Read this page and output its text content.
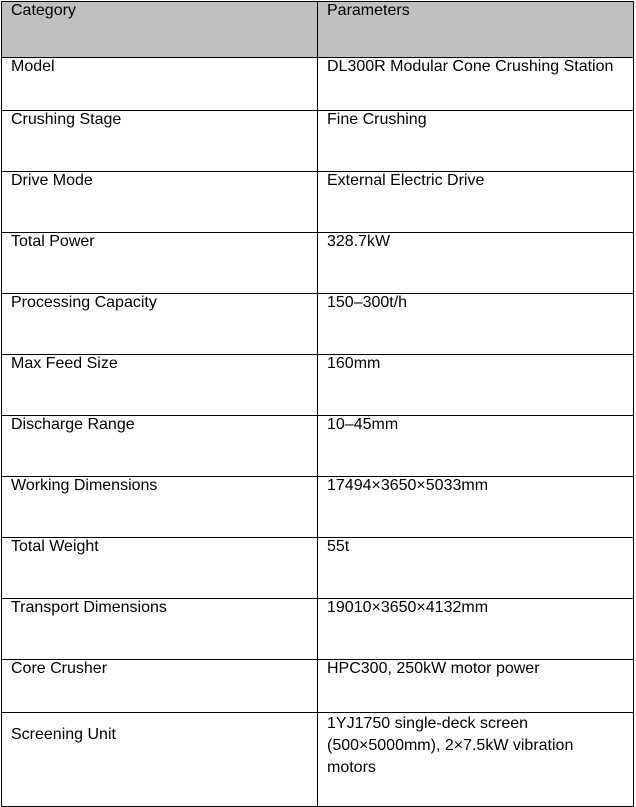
Category	Parameters
Model	DL300R Modular Cone Crushing Station
Crushing Stage	Fine Crushing
Drive Mode	External Electric Drive
Total Power	328.7kW
Processing Capacity	150–300t/h
Max Feed Size	160mm
Discharge Range	10–45mm
Working Dimensions	17494×3650×5033mm
Total Weight	55t
Transport Dimensions	19010×3650×4132mm
Core Crusher	HPC300, 250kW motor power
Screening Unit	1YJ1750 single-deck screen (500×5000mm), 2×7.5kW vibration motors
